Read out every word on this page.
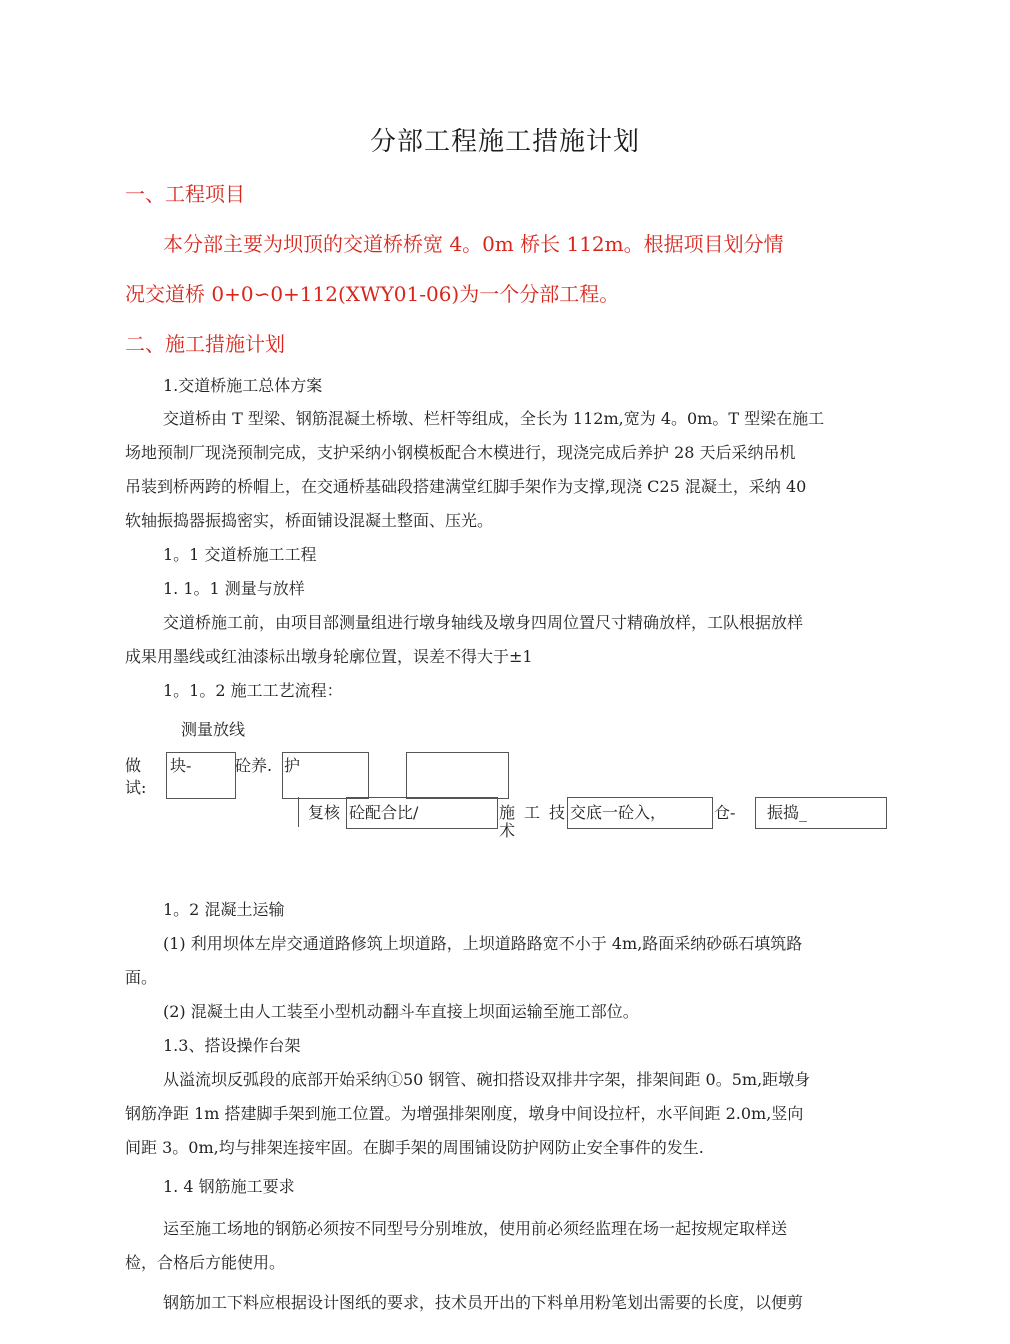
分部工程施工措施计划
一、工程项目
本分部主要为坝顶的交道桥桥宽 4。0m 桥长 112m。根据项目划分情
况交道桥 0+0∽0+112(XWY01-06)为一个分部工程。
二、施工措施计划
1.交道桥施工总体方案
交道桥由 T 型梁、钢筋混凝土桥墩、栏杆等组成，全长为 112m,宽为 4。0m。T 型梁在施工
场地预制厂现浇预制完成，支护采纳小钢模板配合木模进行，现浇完成后养护 28 天后采纳吊机
吊装到桥两跨的桥帽上，在交通桥基础段搭建满堂红脚手架作为支撑,现浇 C25 混凝土，采纳 40
软轴振捣器振捣密实，桥面铺设混凝土整面、压光。
1。1 交道桥施工工程
1. 1。1 测量与放样
交道桥施工前，由项目部测量组进行墩身轴线及墩身四周位置尺寸精确放样，工队根据放样
成果用墨线或红油漆标出墩身轮廓位置，误差不得大于±1
1。1。2 施工工艺流程：
测量放线
做
试:
块-	砼养. 护
复核 砼配合比/	施 工 技
术
交底一砼入，	仓- 振捣_
1。2 混凝土运输
(1) 利用坝体左岸交通道路修筑上坝道路，上坝道路路宽不小于 4m,路面采纳砂砾石填筑路
面。
(2) 混凝土由人工装至小型机动翻斗车直接上坝面运输至施工部位。
1.3、搭设操作台架
从溢流坝反弧段的底部开始采纳①50 钢管、碗扣搭设双排井字架，排架间距 0。5m,距墩身
钢筋净距 1m 搭建脚手架到施工位置。为增强排架刚度，墩身中间设拉杆，水平间距 2.0m,竖向
间距 3。0m,均与排架连接牢固。在脚手架的周围铺设防护网防止安全事件的发生.
1. 4 钢筋施工要求
运至施工场地的钢筋必须按不同型号分别堆放，使用前必须经监理在场一起按规定取样送
检，合格后方能使用。
钢筋加工下料应根据设计图纸的要求，技术员开出的下料单用粉笔划出需要的长度，以便剪
